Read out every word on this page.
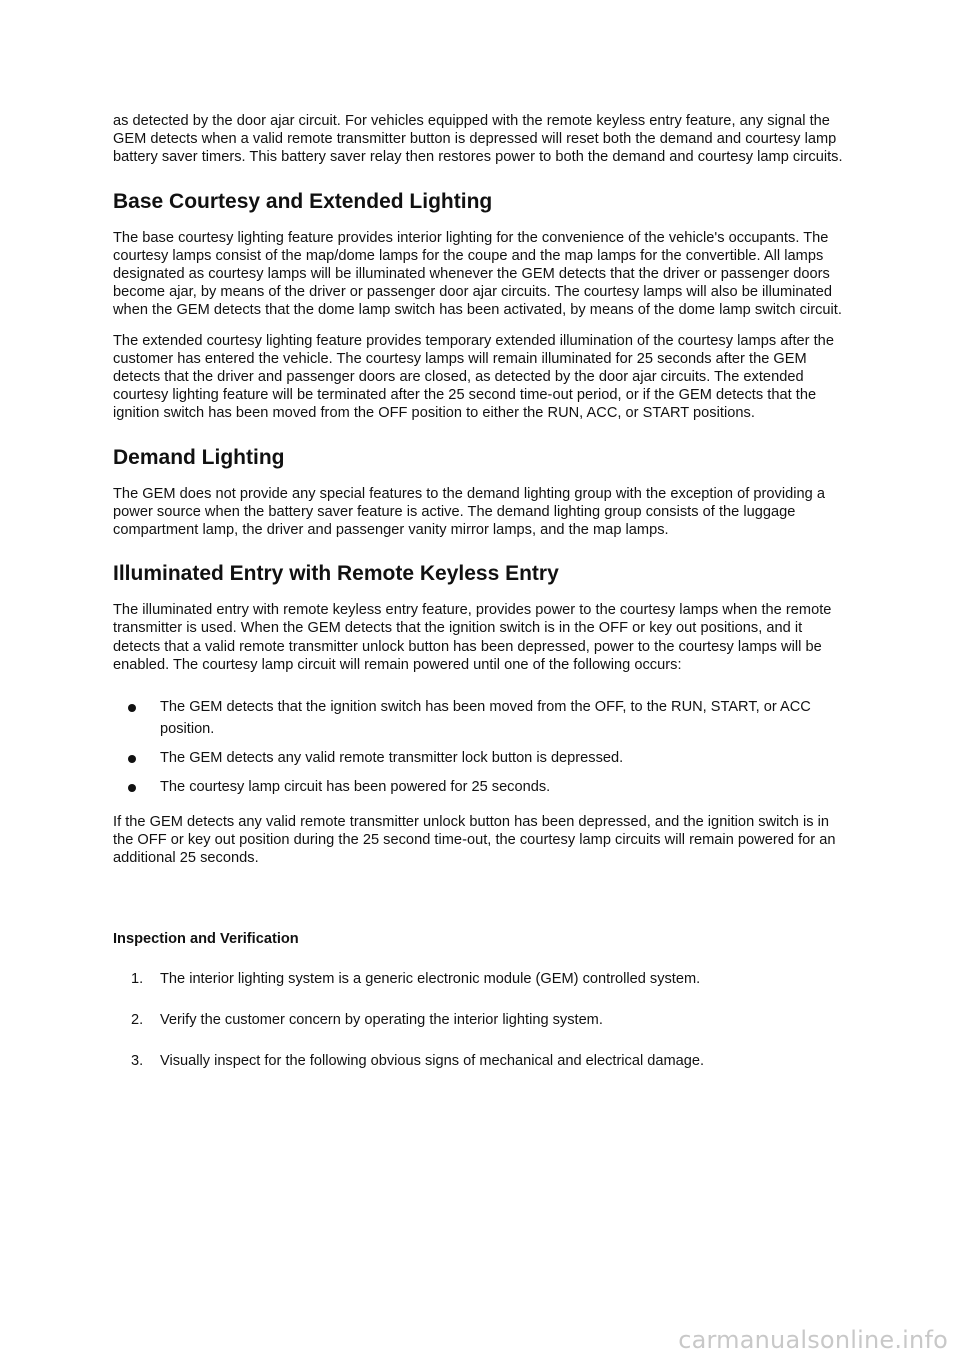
as detected by the door ajar circuit. For vehicles equipped with the remote keyless entry feature, any signal the GEM detects when a valid remote transmitter button is depressed will reset both the demand and courtesy lamp battery saver timers. This battery saver relay then restores power to both the demand and courtesy lamp circuits.

Base Courtesy and Extended Lighting

The base courtesy lighting feature provides interior lighting for the convenience of the vehicle's occupants. The courtesy lamps consist of the map/dome lamps for the coupe and the map lamps for the convertible. All lamps designated as courtesy lamps will be illuminated whenever the GEM detects that the driver or passenger doors become ajar, by means of the driver or passenger door ajar circuits. The courtesy lamps will also be illuminated when the GEM detects that the dome lamp switch has been activated, by means of the dome lamp switch circuit.

The extended courtesy lighting feature provides temporary extended illumination of the courtesy lamps after the customer has entered the vehicle. The courtesy lamps will remain illuminated for 25 seconds after the GEM detects that the driver and passenger doors are closed, as detected by the door ajar circuits. The extended courtesy lighting feature will be terminated after the 25 second time-out period, or if the GEM detects that the ignition switch has been moved from the OFF position to either the RUN, ACC, or START positions.

Demand Lighting

The GEM does not provide any special features to the demand lighting group with the exception of providing a power source when the battery saver feature is active. The demand lighting group consists of the luggage compartment lamp, the driver and passenger vanity mirror lamps, and the map lamps.

Illuminated Entry with Remote Keyless Entry

The illuminated entry with remote keyless entry feature, provides power to the courtesy lamps when the remote transmitter is used. When the GEM detects that the ignition switch is in the OFF or key out positions, and it detects that a valid remote transmitter unlock button has been depressed, power to the courtesy lamps will be enabled. The courtesy lamp circuit will remain powered until one of the following occurs:

The GEM detects that the ignition switch has been moved from the OFF, to the RUN, START, or ACC position.
The GEM detects any valid remote transmitter lock button is depressed.
The courtesy lamp circuit has been powered for 25 seconds.

If the GEM detects any valid remote transmitter unlock button has been depressed, and the ignition switch is in the OFF or key out position during the 25 second time-out, the courtesy lamp circuits will remain powered for an additional 25 seconds.

Inspection and Verification
1. The interior lighting system is a generic electronic module (GEM) controlled system.
2. Verify the customer concern by operating the interior lighting system.
3. Visually inspect for the following obvious signs of mechanical and electrical damage.
carmanualsonline.info
